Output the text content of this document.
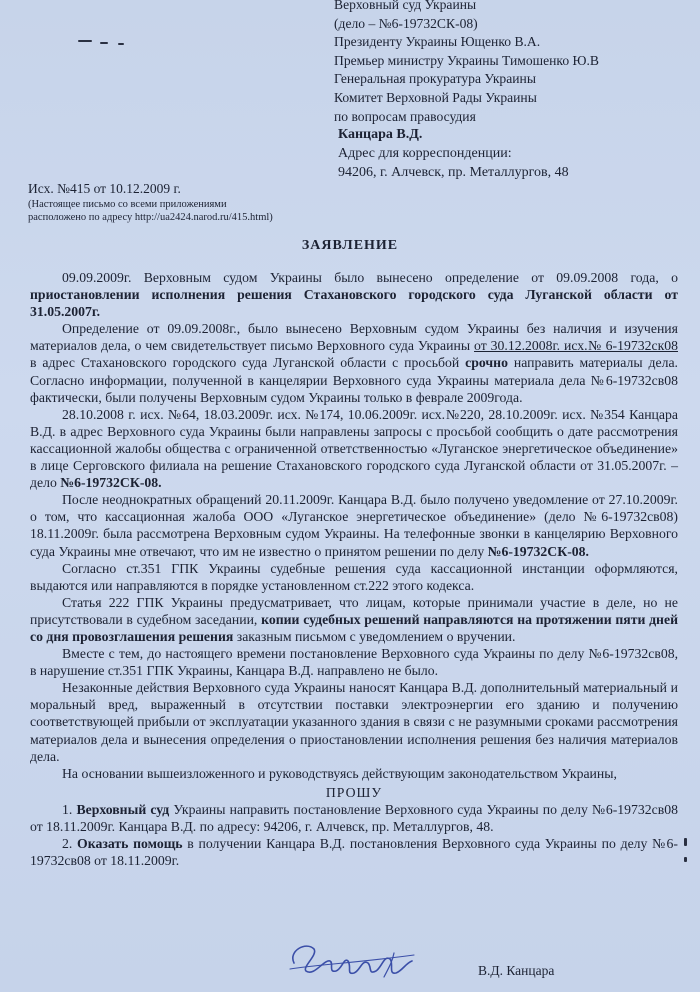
Верховный суд Украины
(дело – №6-19732СК-08)
Президенту Украины Ющенко В.А.
Премьер министру Украины Тимошенко Ю.В
Генеральная прокуратура Украины
Комитет Верховной Рады Украины
по вопросам правосудия
Канцара В.Д.
Адрес для корреспонденции:
94206, г. Алчевск, пр. Металлургов, 48
Исх. №415 от 10.12.2009 г.
(Настоящее письмо со всеми приложениями расположено по адресу http://ua2424.narod.ru/415.html)
ЗАЯВЛЕНИЕ

09.09.2009г. Верховным судом Украины было вынесено определение от 09.09.2008 года, о приостановлении исполнения решения Стахановского городского суда Луганской области от 31.05.2007г.

Определение от 09.09.2008г., было вынесено Верховным судом Украины без наличия и изучения материалов дела, о чем свидетельствует письмо Верховного суда Украины от 30.12.2008г. исх.№ 6-19732ск08 в адрес Стахановского городского суда Луганской области с просьбой срочно направить материалы дела. Согласно информации, полученной в канцелярии Верховного суда Украины материала дела №6-19732св08 фактически, были получены Верховным судом Украины только в феврале 2009года.

28.10.2008 г. исх. №64, 18.03.2009г. исх. №174, 10.06.2009г. исх.№220, 28.10.2009г. исх. №354 Канцара В.Д. в адрес Верховного суда Украины были направлены запросы с просьбой сообщить о дате рассмотрения кассационной жалобы общества с ограниченной ответственностью «Луганское энергетическое объединение» в лице Серговского филиала на решение Стахановского городского суда Луганской области от 31.05.2007г. – дело №6-19732СК-08.

После неоднократных обращений 20.11.2009г. Канцара В.Д. было получено уведомление от 27.10.2009г. о том, что кассационная жалоба ООО «Луганское энергетическое объединение» (дело №6-19732св08) 18.11.2009г. была рассмотрена Верховным судом Украины. На телефонные звонки в канцелярию Верховного суда Украины мне отвечают, что им не известно о принятом решении по делу №6-19732СК-08.

Согласно ст.351 ГПК Украины судебные решения суда кассационной инстанции оформляются, выдаются или направляются в порядке установленном ст.222 этого кодекса.

Статья 222 ГПК Украины предусматривает, что лицам, которые принимали участие в деле, но не присутствовали в судебном заседании, копии судебных решений направляются на протяжении пяти дней со дня провозглашения решения заказным письмом с уведомлением о вручении.

Вместе с тем, до настоящего времени постановление Верховного суда Украины по делу №6-19732св08, в нарушение ст.351 ГПК Украины, Канцара В.Д. направлено не было.

Незаконные действия Верховного суда Украины наносят Канцара В.Д. дополнительный материальный и моральный вред, выраженный в отсутствии поставки электроэнергии его зданию и получению соответствующей прибыли от эксплуатации указанного здания в связи с не разумными сроками рассмотрения материалов дела и вынесения определения о приостановлении исполнения решения без наличия материалов дела.

На основании вышеизложенного и руководствуясь действующим законодательством Украины,

ПРОШУ

1. Верховный суд Украины направить постановление Верховного суда Украины по делу №6-19732св08 от 18.11.2009г. Канцара В.Д. по адресу: 94206, г. Алчевск, пр. Металлургов, 48.

2. Оказать помощь в получении Канцара В.Д. постановления Верховного суда Украины по делу №6-19732св08 от 18.11.2009г.

В.Д. Канцара
